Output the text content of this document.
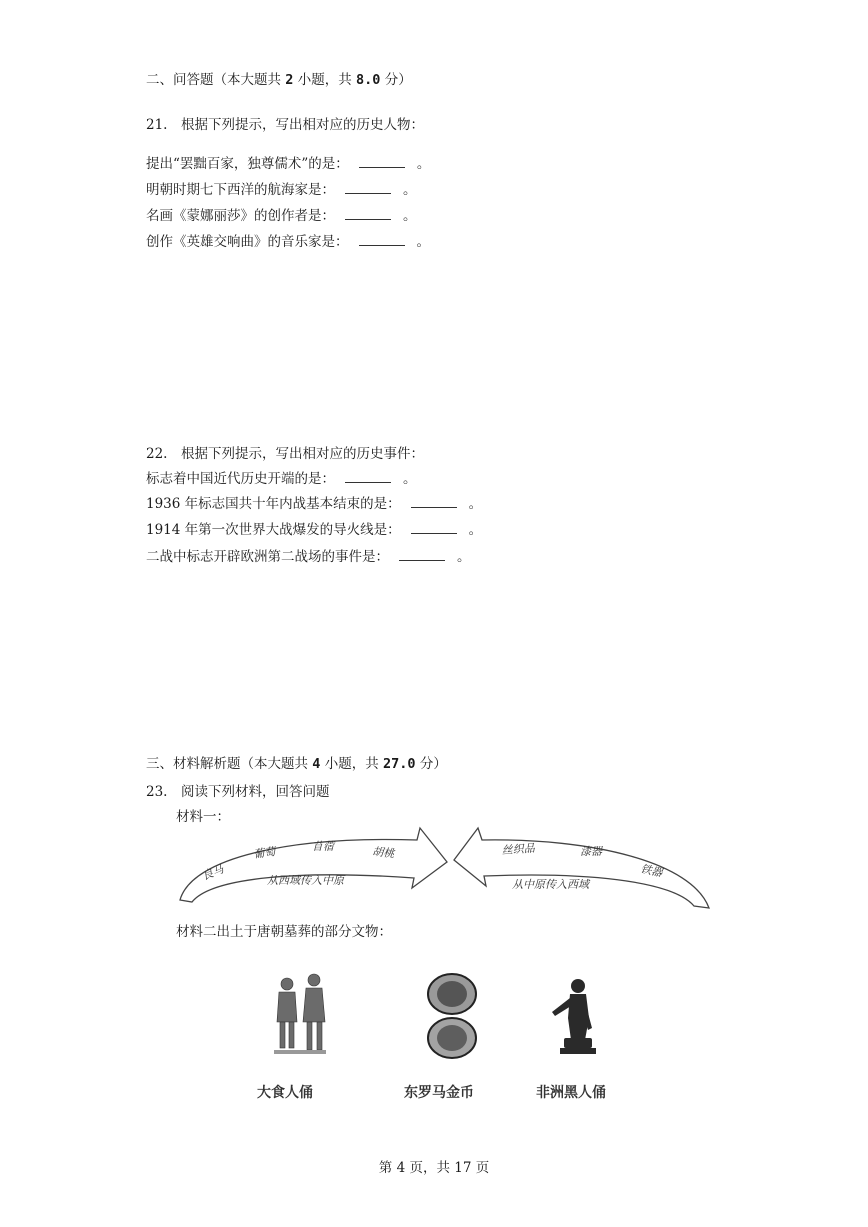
二、问答题（本大题共 2 小题，共 8.0 分）
21.　根据下列提示，写出相对应的历史人物：
提出“罢黜百家，独尊儒术”的是：	。
明朝时期七下西洋的航海家是：	。
名画《蒙娜丽莎》的创作者是：	。
创作《英雄交响曲》的音乐家是：	。
22.　根据下列提示，写出相对应的历史事件：
标志着中国近代历史开端的是：	。
1936 年标志国共十年内战基本结束的是：	。
1914 年第一次世界大战爆发的导火线是：	。
二战中标志开辟欧洲第二战场的事件是：	。
三、材料解析题（本大题共 4 小题，共 27.0 分）
23.　阅读下列材料，回答问题
材料一：
良马
葡萄	苜蓿	胡桃
从西域传入中原
丝织品	漆器
铁器
从中原传入西域
材料二出土于唐朝墓葬的部分文物：
大食人俑	东罗马金币	非洲黑人俑
第 4 页，共 17 页
